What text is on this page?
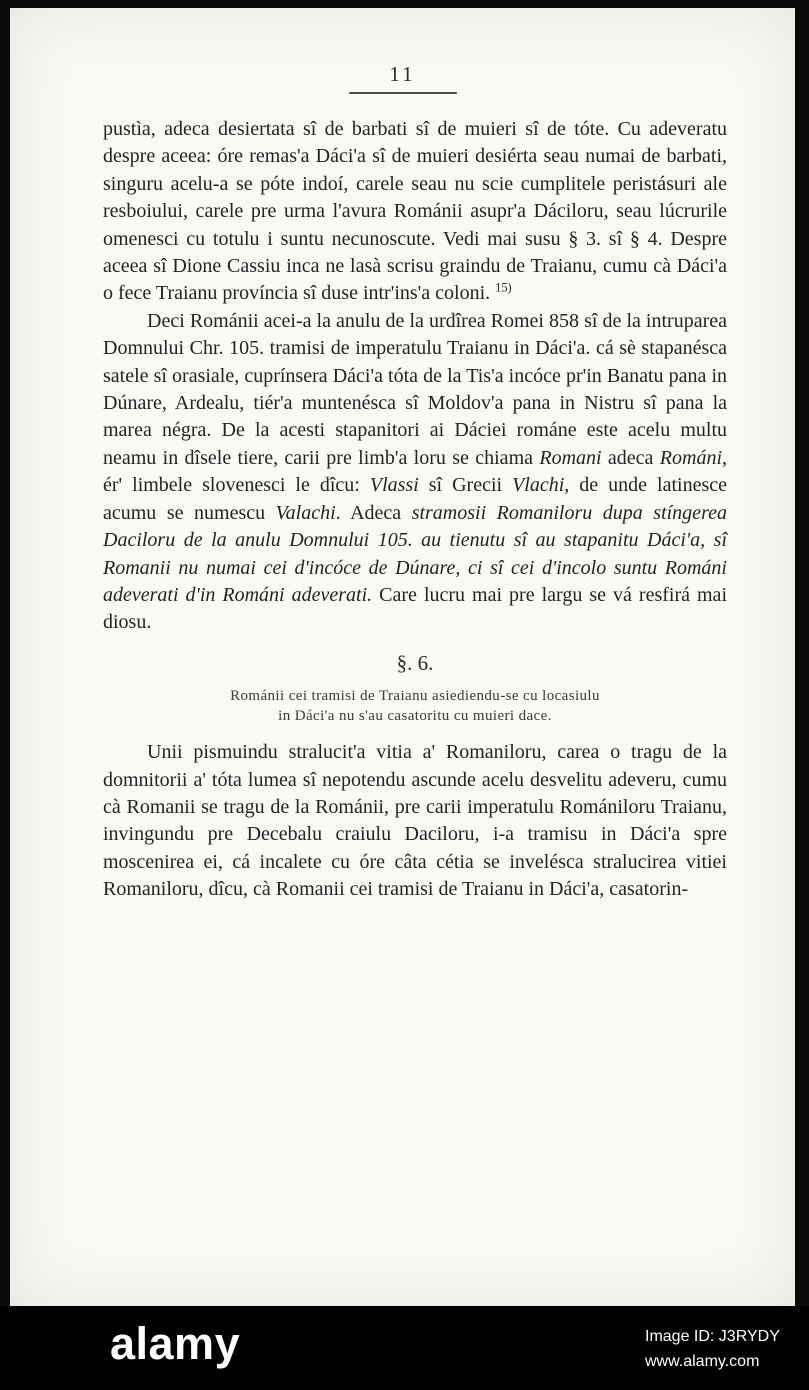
11

pustìa, adeca desiertata sî de barbati sî de muieri sî de tóte. Cu adeveratu despre aceea: óre remas'a Dáci'a sî de muieri desiérta seau numai de barbati, singuru acelu-a se póte indoí, carele seau nu scie cumplitele peristásuri ale resboiului, carele pre urma l'avura Románii asupr'a Dáciloru, seau lúcrurile omenesci cu totulu i suntu necunoscute. Vedi mai susu § 3. sî § 4. Despre aceea sî Dione Cassiu inca ne lasà scrisu graindu de Traianu, cumu cà Dáci'a o fece Traianu província sî duse intr'ins'a coloni. $^{15)}$

Deci Románii acei-a la anulu de la urdîrea Romei 858 sî de la intruparea Domnului Chr. 105. tramisi de imperatulu Traianu in Dáci'a. cá sè stapanésca satele sî orasiale, cuprínsera Dáci'a tóta de la Tis'a incóce pr'in Banatu pana in Dúnare, Ardealu, tiér'a muntenésca sî Moldov'a pana in Nistru sî pana la marea négra. De la acesti stapanitori ai Dáciei románe este acelu multu neamu in dîsele tiere, carii pre limb'a loru se chiama Romani adeca Románi, ér' limbele slovenesci le dîcu: Vlassi sî Grecii Vlachi, de unde latinesce acumu se numescu Valachi. Adeca stramosii Romaniloru dupa stíngerea Daciloru de la anulu Domnului 105. au tienutu sî au stapanitu Dáci'a, sî Romanii nu numai cei d'incóce de Dúnare, ci sî cei d'incolo suntu Románi adeverati d'in Románi adeverati. Care lucru mai pre largu se vá resfirá mai diosu.

§. 6.
Románii cei tramisi de Traianu asiediendu-se cu locasiulu
in Dáci'a nu s'au casatoritu cu muieri dace.

Unii pismuindu stralucit'a vitia a' Romaniloru, carea o tragu de la domnitorii a' tóta lumea sî nepotendu ascunde acelu desvelitu adeveru, cumu cà Romanii se tragu de la Románii, pre carii imperatulu Romániloru Traianu, invingundu pre Decebalu craiulu Daciloru, i-a tramisu in Dáci'a spre moscenirea ei, cá incalete cu óre câta cétia se invelésca stralucirea vitiei Romaniloru, dîcu, cà Romanii cei tramisi de Traianu in Dáci'a, casatorin-

alamy	Image ID: J3RYDY
www.alamy.com
